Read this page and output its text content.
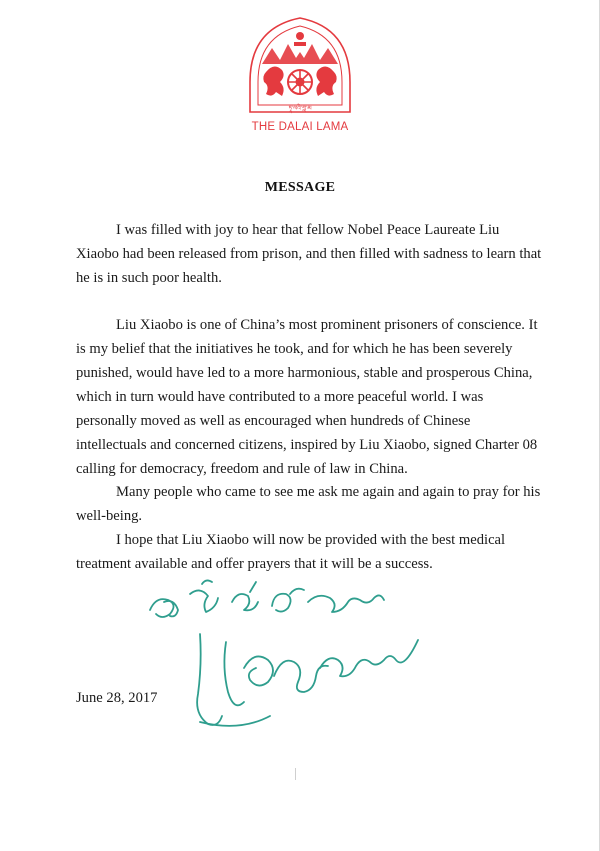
ཏཱ་ལའི་བླ་མ
THE DALAI LAMA
MESSAGE

I was filled with joy to hear that fellow Nobel Peace Laureate Liu Xiaobo had been released from prison, and then filled with sadness to learn that he is in such poor health.

Liu Xiaobo is one of China’s most prominent prisoners of conscience. It is my belief that the initiatives he took, and for which he has been severely punished, would have led to a more harmonious, stable and prosperous China, which in turn would have contributed to a more peaceful world. I was personally moved as well as encouraged when hundreds of Chinese intellectuals and concerned citizens, inspired by Liu Xiaobo, signed Charter 08 calling for democracy, freedom and rule of law in China.

Many people who came to see me ask me again and again to pray for his well-being.

I hope that Liu Xiaobo will now be provided with the best medical treatment available and offer prayers that it will be a success.

June 28, 2017
